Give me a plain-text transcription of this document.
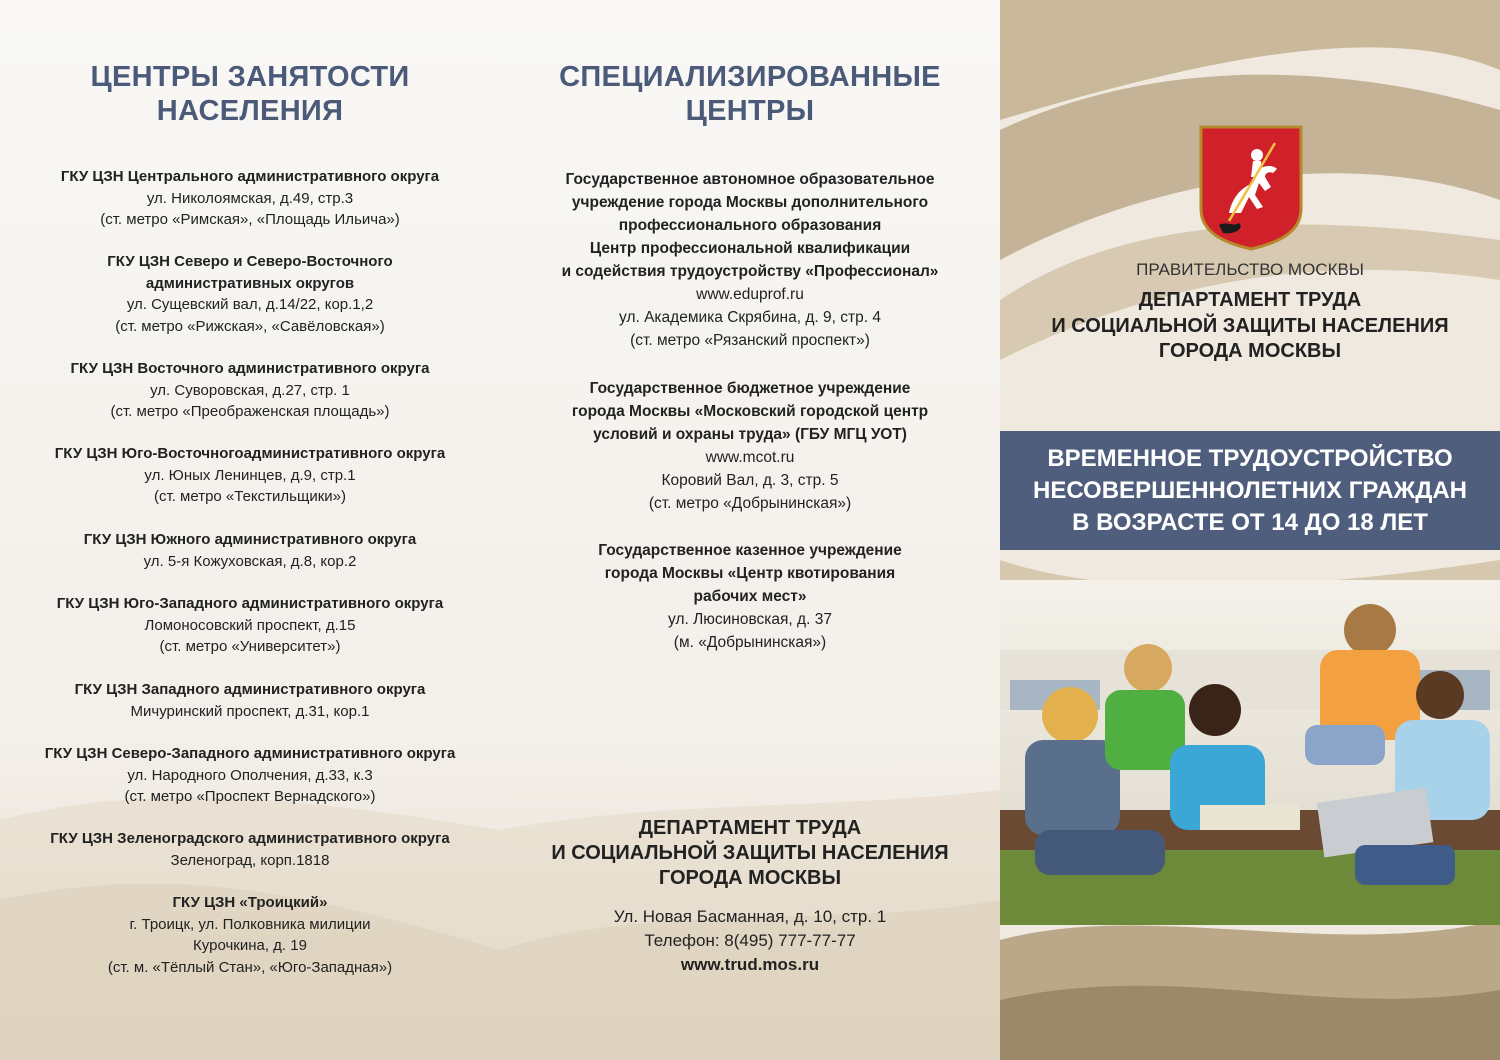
ЦЕНТРЫ ЗАНЯТОСТИ
НАСЕЛЕНИЯ
ГКУ ЦЗН Центрального административного округа
ул. Николоямская, д.49, стр.3
(ст. метро «Римская», «Площадь Ильича»)
ГКУ ЦЗН Северо и Северо-Восточного
административных округов
ул. Сущевский вал, д.14/22, кор.1,2
(ст. метро «Рижская», «Савёловская»)
ГКУ ЦЗН Восточного административного округа
ул. Суворовская, д.27, стр. 1
(ст. метро «Преображенская площадь»)
ГКУ ЦЗН Юго-Восточногоадминистративного округа
ул. Юных Ленинцев, д.9, стр.1
(ст. метро «Текстильщики»)
ГКУ ЦЗН Южного административного округа
ул. 5-я Кожуховская, д.8, кор.2
ГКУ ЦЗН Юго-Западного административного округа
Ломоносовский проспект, д.15
(ст. метро «Университет»)
ГКУ ЦЗН Западного административного округа
Мичуринский проспект, д.31, кор.1
ГКУ ЦЗН Северо-Западного административного округа
ул. Народного Ополчения, д.33, к.3
(ст. метро «Проспект Вернадского»)
ГКУ ЦЗН Зеленоградского административного округа
Зеленоград, корп.1818
ГКУ ЦЗН «Троицкий»
г. Троицк, ул. Полковника милиции
Курочкина, д. 19
(ст. м. «Тёплый Стан», «Юго-Западная»)
СПЕЦИАЛИЗИРОВАННЫЕ
ЦЕНТРЫ
Государственное автономное образовательное
учреждение города Москвы дополнительного
профессионального образования
Центр профессиональной квалификации
и содействия трудоустройству «Профессионал»
www.eduprof.ru
ул. Академика Скрябина, д. 9, стр. 4
(ст. метро «Рязанский проспект»)
Государственное бюджетное учреждение
города Москвы «Московский городской центр
условий и охраны труда» (ГБУ МГЦ УОТ)
www.mcot.ru
Коровий Вал, д. 3, стр. 5
(ст. метро «Добрынинская»)
Государственное казенное учреждение
города Москвы «Центр квотирования
рабочих мест»
ул. Люсиновская, д. 37
(м. «Добрынинская»)
ДЕПАРТАМЕНТ ТРУДА
И СОЦИАЛЬНОЙ ЗАЩИТЫ НАСЕЛЕНИЯ
ГОРОДА МОСКВЫ
Ул. Новая Басманная, д. 10, стр. 1
Телефон: 8(495) 777-77-77
www.trud.mos.ru
ПРАВИТЕЛЬСТВО МОСКВЫ
ДЕПАРТАМЕНТ ТРУДА
И СОЦИАЛЬНОЙ ЗАЩИТЫ НАСЕЛЕНИЯ
ГОРОДА МОСКВЫ
ВРЕМЕННОЕ ТРУДОУСТРОЙСТВО
НЕСОВЕРШЕННОЛЕТНИХ ГРАЖДАН
В ВОЗРАСТЕ ОТ 14 ДО 18 ЛЕТ
